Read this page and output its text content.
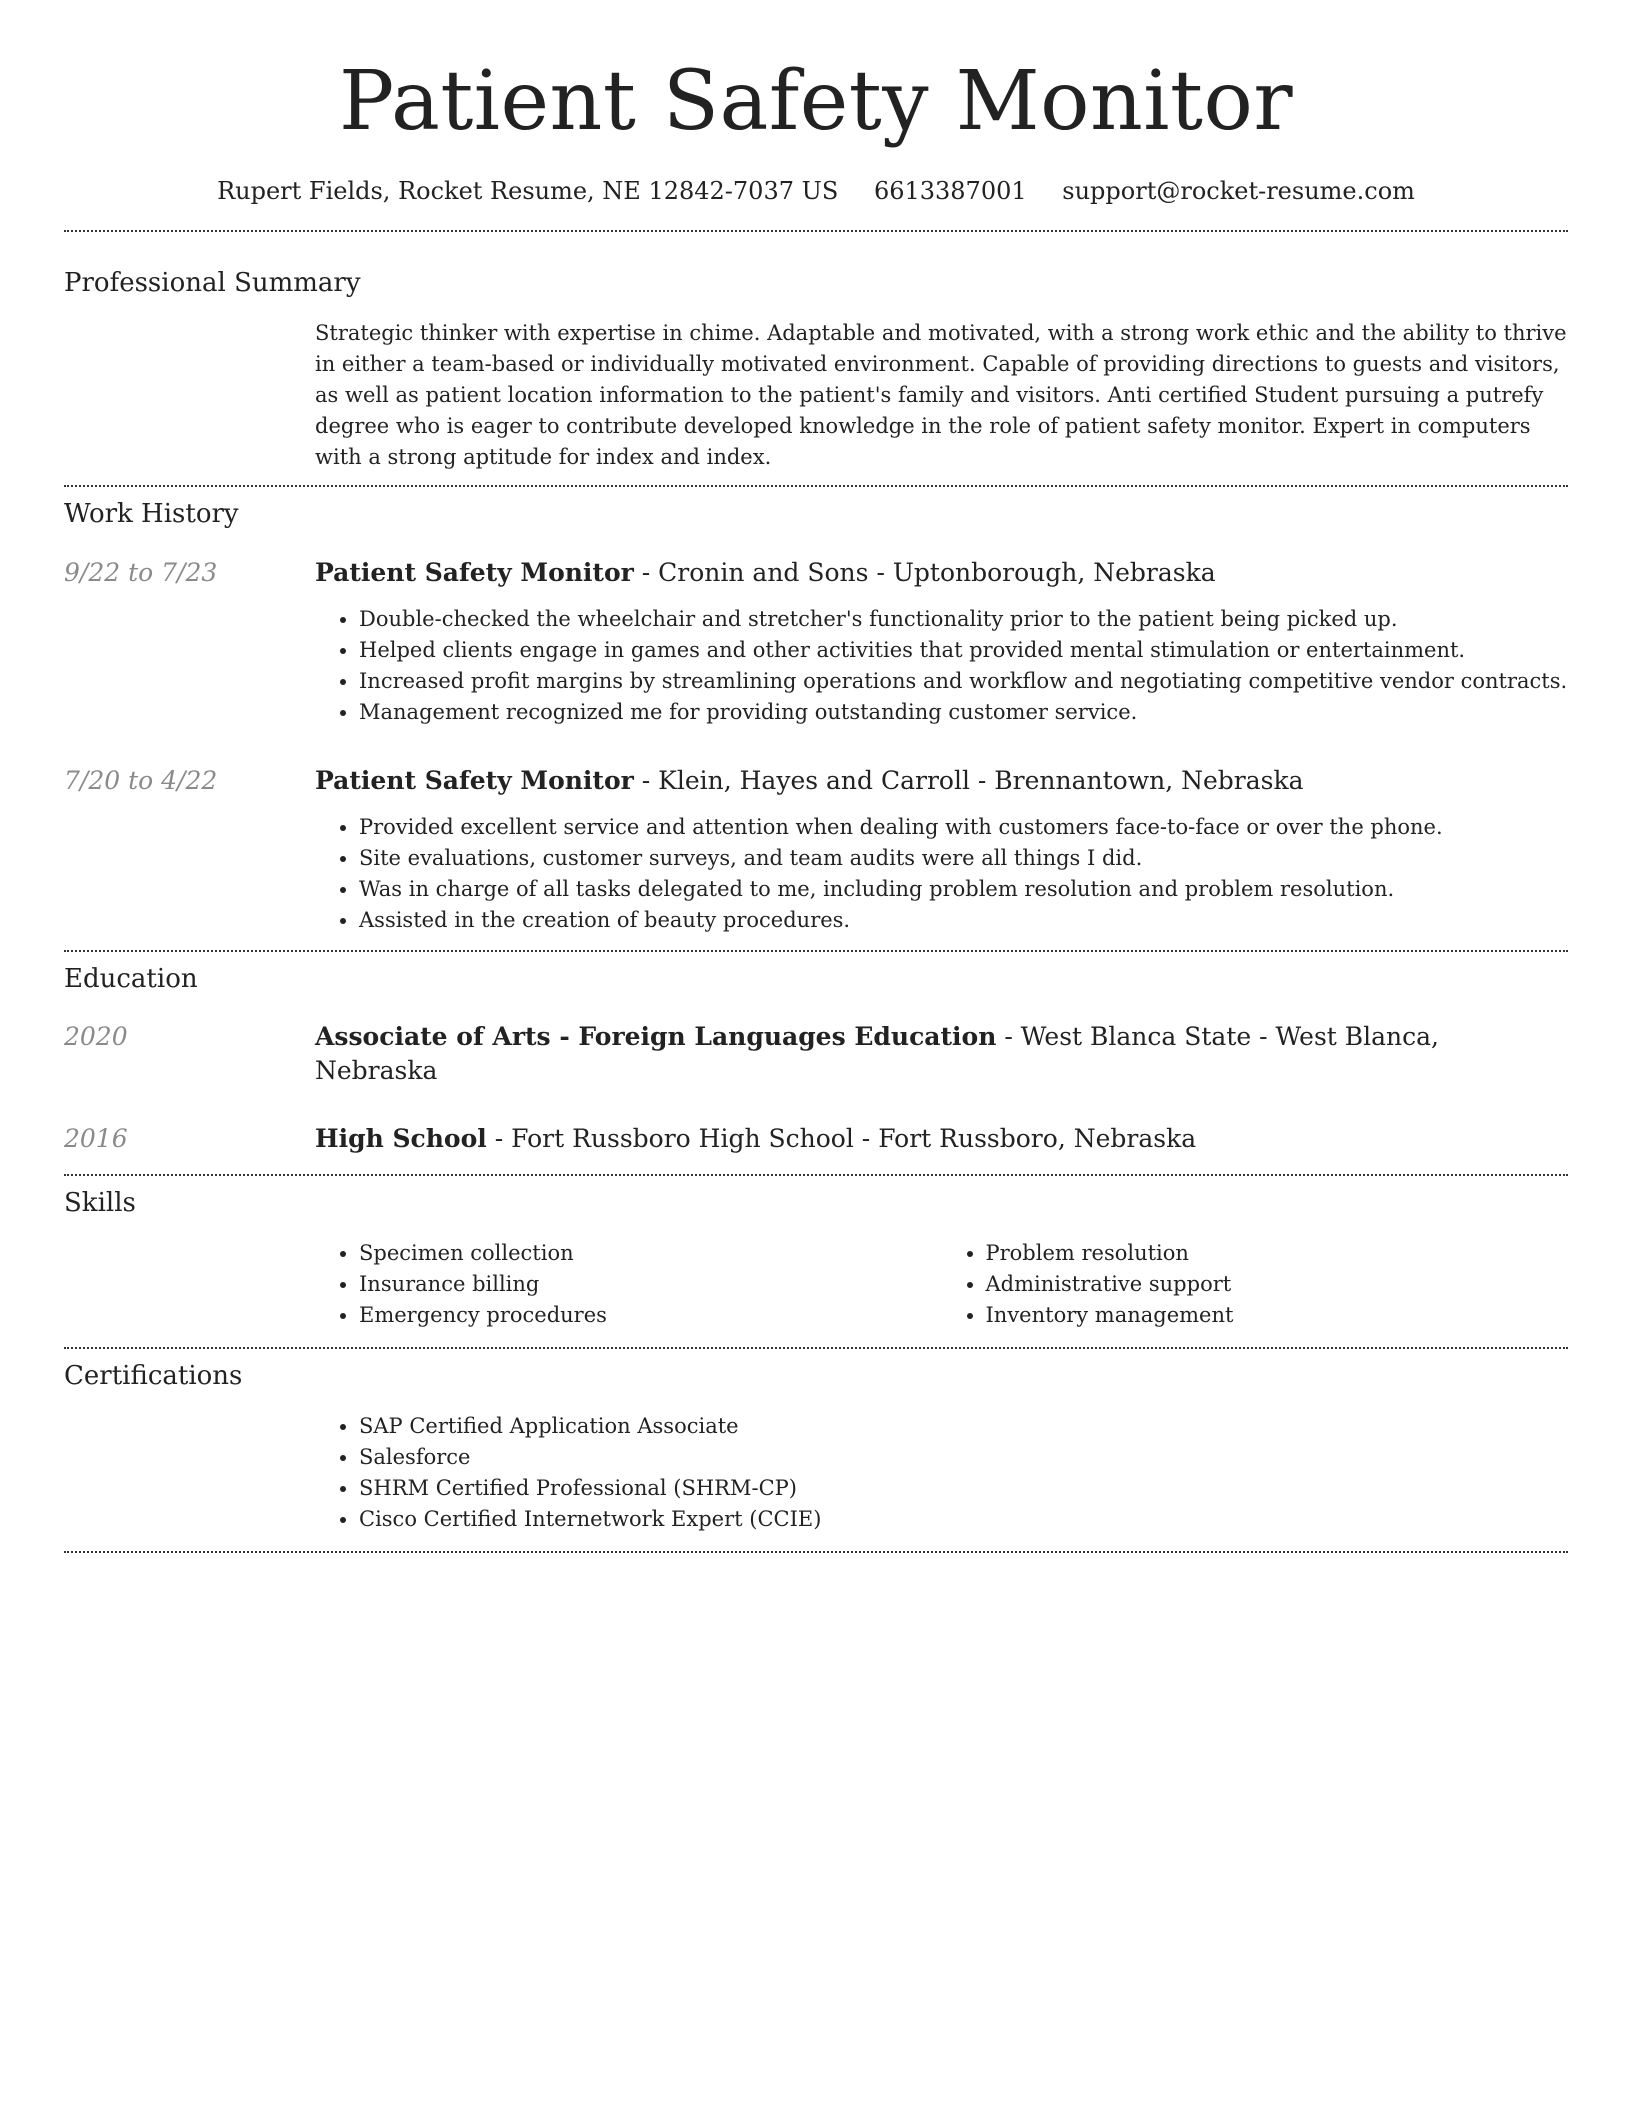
Patient Safety Monitor
Rupert Fields, Rocket Resume, NE 12842-7037 US 6613387001 support@rocket-resume.com
Professional Summary

Strategic thinker with expertise in chime. Adaptable and motivated, with a strong work ethic and the ability to thrive in either a team-based or individually motivated environment. Capable of providing directions to guests and visitors, as well as patient location information to the patient's family and visitors. Anti certified Student pursuing a putrefy degree who is eager to contribute developed knowledge in the role of patient safety monitor. Expert in computers with a strong aptitude for index and index.

Work History
9/22 to 7/23	Patient Safety Monitor - Cronin and Sons - Uptonborough, Nebraska
• Double-checked the wheelchair and stretcher's functionality prior to the patient being picked up.
• Helped clients engage in games and other activities that provided mental stimulation or entertainment.
• Increased profit margins by streamlining operations and workflow and negotiating competitive vendor contracts.
• Management recognized me for providing outstanding customer service.
7/20 to 4/22	Patient Safety Monitor - Klein, Hayes and Carroll - Brennantown, Nebraska
• Provided excellent service and attention when dealing with customers face-to-face or over the phone.
• Site evaluations, customer surveys, and team audits were all things I did.
• Was in charge of all tasks delegated to me, including problem resolution and problem resolution.
• Assisted in the creation of beauty procedures.
Education
2020	Associate of Arts - Foreign Languages Education - West Blanca State - West Blanca, Nebraska
2016	High School - Fort Russboro High School - Fort Russboro, Nebraska
Skills
• Specimen collection
• Insurance billing
• Emergency procedures
• Problem resolution
• Administrative support
• Inventory management
Certifications
• SAP Certified Application Associate
• Salesforce
• SHRM Certified Professional (SHRM-CP)
• Cisco Certified Internetwork Expert (CCIE)
